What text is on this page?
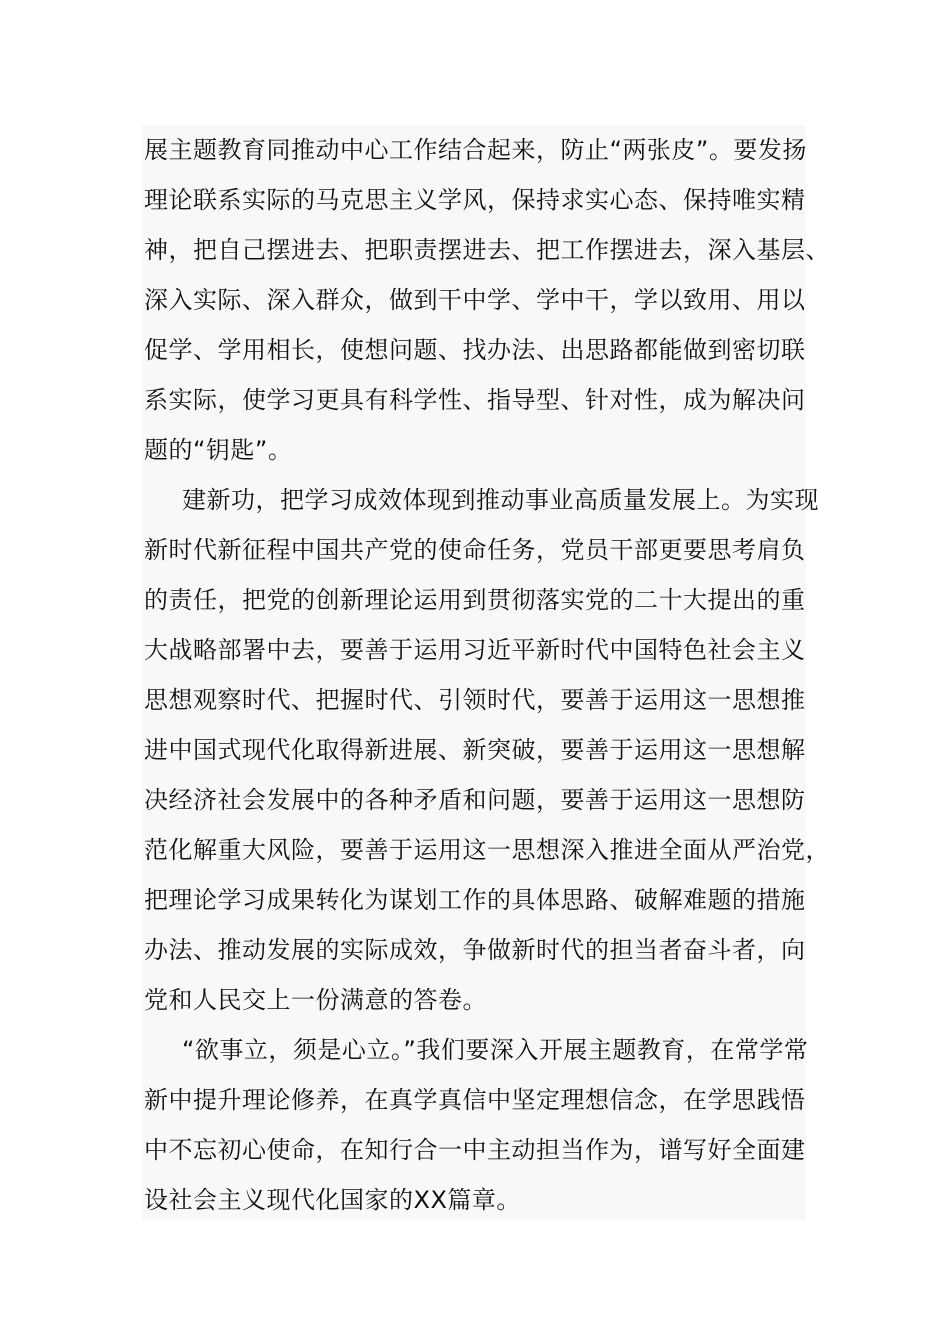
展主题教育同推动中心工作结合起来，防止“两张皮”。要发扬
理论联系实际的马克思主义学风，保持求实心态、保持唯实精
神，把自己摆进去、把职责摆进去、把工作摆进去，深入基层、
深入实际、深入群众，做到干中学、学中干，学以致用、用以
促学、学用相长，使想问题、找办法、出思路都能做到密切联
系实际，使学习更具有科学性、指导型、针对性，成为解决问
题的“钥匙”。
建新功，把学习成效体现到推动事业高质量发展上。为实现
新时代新征程中国共产党的使命任务，党员干部更要思考肩负
的责任，把党的创新理论运用到贯彻落实党的二十大提出的重
大战略部署中去，要善于运用习近平新时代中国特色社会主义
思想观察时代、把握时代、引领时代，要善于运用这一思想推
进中国式现代化取得新进展、新突破，要善于运用这一思想解
决经济社会发展中的各种矛盾和问题，要善于运用这一思想防
范化解重大风险，要善于运用这一思想深入推进全面从严治党，
把理论学习成果转化为谋划工作的具体思路、破解难题的措施
办法、推动发展的实际成效，争做新时代的担当者奋斗者，向
党和人民交上一份满意的答卷。
“欲事立，须是心立。”我们要深入开展主题教育，在常学常
新中提升理论修养，在真学真信中坚定理想信念，在学思践悟
中不忘初心使命，在知行合一中主动担当作为，谱写好全面建
设社会主义现代化国家的XX篇章。
